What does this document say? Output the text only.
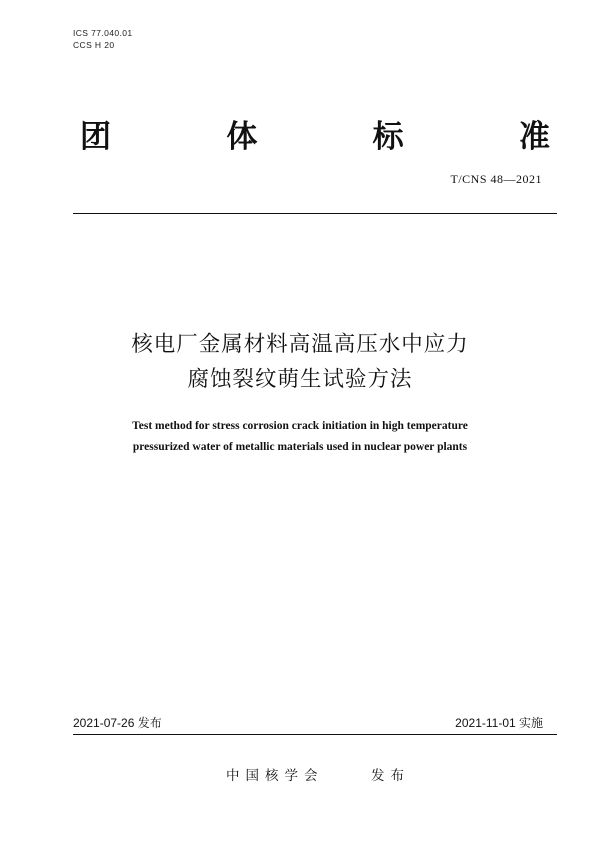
ICS 77.040.01
CCS H 20
团	体	标	准
T/CNS 48—2021
核电厂金属材料高温高压水中应力
腐蚀裂纹萌生试验方法
Test method for stress corrosion crack initiation in high temperature
pressurized water of metallic materials used in nuclear power plants
2021-07-26 发布	2021-11-01 实施
中国核学会	发布
